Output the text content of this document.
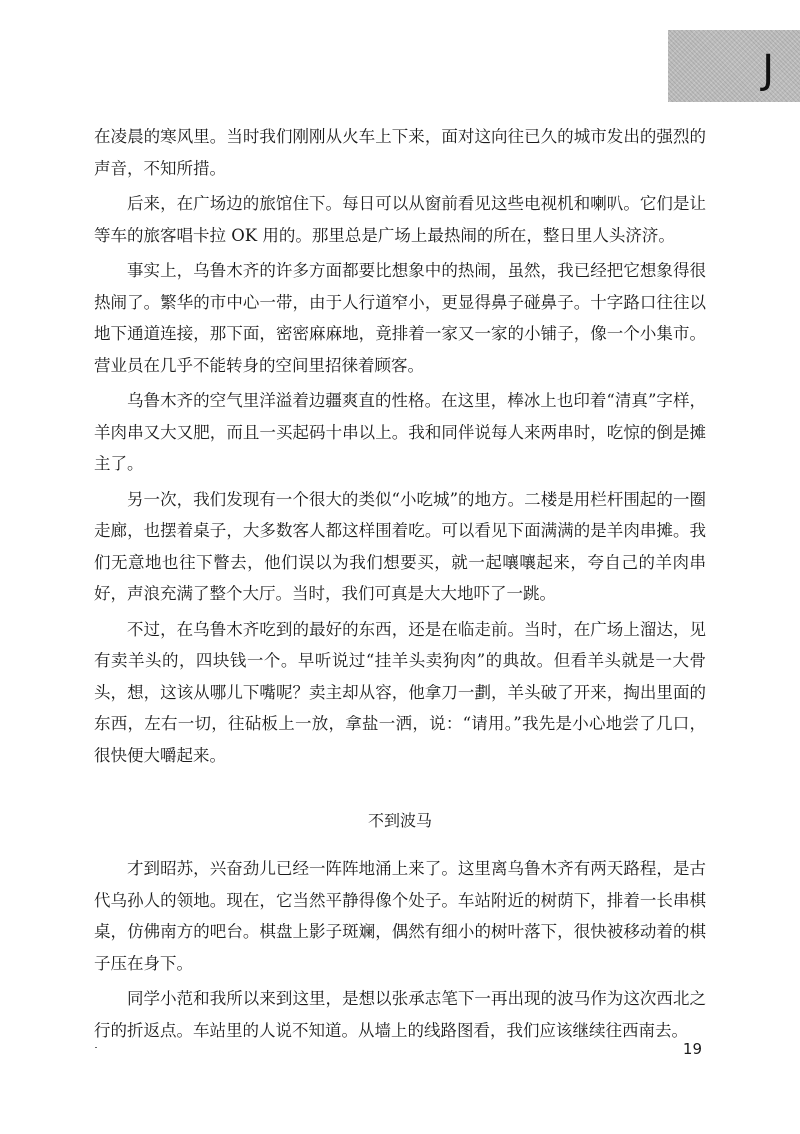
J

在凌晨的寒风里。当时我们刚刚从火车上下来，面对这向往已久的城市发出的强烈的声音，不知所措。

后来，在广场边的旅馆住下。每日可以从窗前看见这些电视机和喇叭。它们是让等车的旅客唱卡拉 OK 用的。那里总是广场上最热闹的所在，整日里人头济济。

事实上，乌鲁木齐的许多方面都要比想象中的热闹，虽然，我已经把它想象得很热闹了。繁华的市中心一带，由于人行道窄小，更显得鼻子碰鼻子。十字路口往往以地下通道连接，那下面，密密麻麻地，竟排着一家又一家的小铺子，像一个小集市。营业员在几乎不能转身的空间里招徕着顾客。

乌鲁木齐的空气里洋溢着边疆爽直的性格。在这里，棒冰上也印着“清真”字样，羊肉串又大又肥，而且一买起码十串以上。我和同伴说每人来两串时，吃惊的倒是摊主了。

另一次，我们发现有一个很大的类似“小吃城”的地方。二楼是用栏杆围起的一圈走廊，也摆着桌子，大多数客人都这样围着吃。可以看见下面满满的是羊肉串摊。我们无意地也往下瞥去，他们误以为我们想要买，就一起嚷嚷起来，夸自己的羊肉串好，声浪充满了整个大厅。当时，我们可真是大大地吓了一跳。

不过，在乌鲁木齐吃到的最好的东西，还是在临走前。当时，在广场上溜达，见有卖羊头的，四块钱一个。早听说过“挂羊头卖狗肉”的典故。但看羊头就是一大骨头，想，这该从哪儿下嘴呢？卖主却从容，他拿刀一劃，羊头破了开来，掏出里面的东西，左右一切，往砧板上一放，拿盐一洒，说：“请用。”我先是小心地尝了几口，很快便大嚼起来。

不到波马

才到昭苏，兴奋劲儿已经一阵阵地涌上来了。这里离乌鲁木齐有两天路程，是古代乌孙人的领地。现在，它当然平静得像个处子。车站附近的树荫下，排着一长串棋桌，仿佛南方的吧台。棋盘上影子斑斓，偶然有细小的树叶落下，很快被移动着的棋子压在身下。

同学小范和我所以来到这里，是想以张承志笔下一再出现的波马作为这次西北之行的折返点。车站里的人说不知道。从墙上的线路图看，我们应该继续往西南去。

19
